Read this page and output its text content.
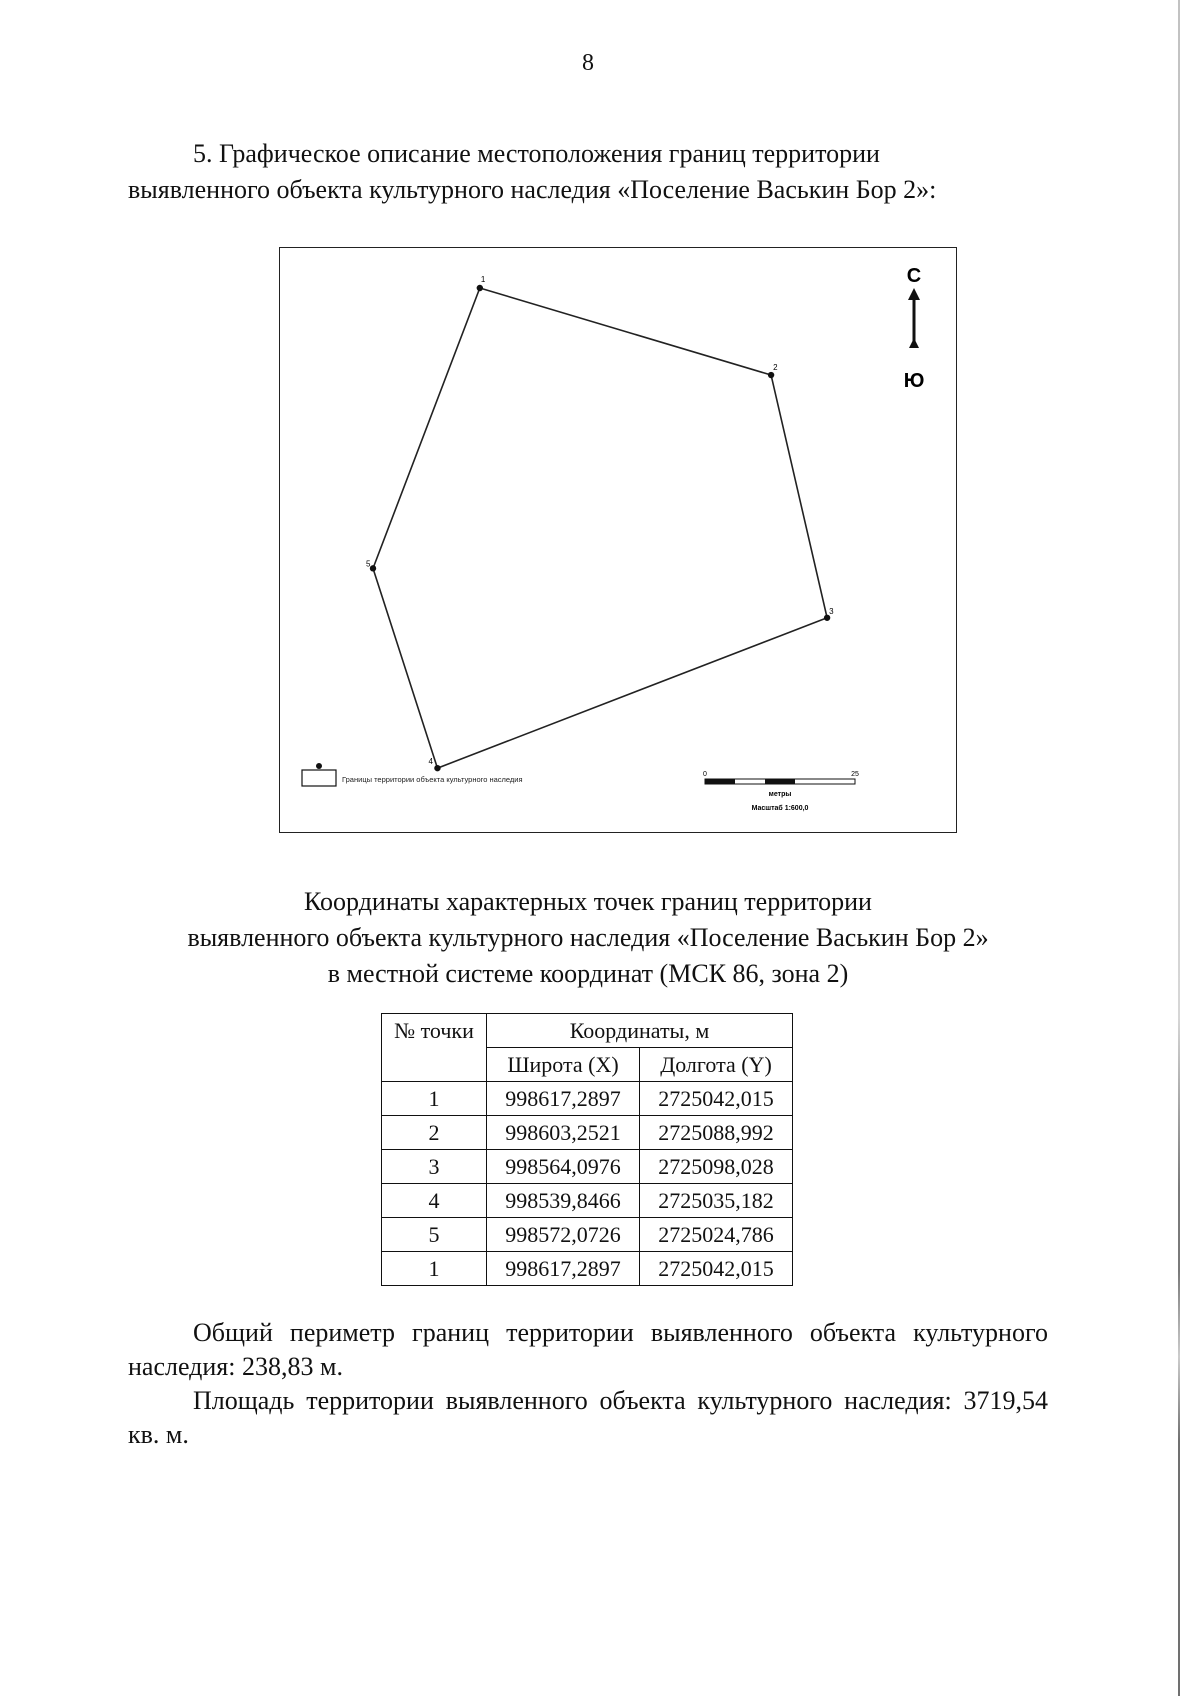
8

5. Графическое описание местоположения границ территории
выявленного объекта культурного наследия «Поселение Васькин Бор 2»:

С
Ю
1
2
3
4
5
Границы территории объекта культурного наследия
0	25
метры
Масштаб 1:600,0
Координаты характерных точек границ территории
выявленного объекта культурного наследия «Поселение Васькин Бор 2»
в местной системе координат (МСК 86, зона 2)
№ точки	Координаты, м	
	Широта (X)	Долгота (Y)
1	998617,2897	2725042,015
2	998603,2521	2725088,992
3	998564,0976	2725098,028
4	998539,8466	2725035,182
5	998572,0726	2725024,786
1	998617,2897	2725042,015

Общий периметр границ территории выявленного объекта культурного наследия: 238,83 м.

Площадь территории выявленного объекта культурного наследия: 3719,54 кв. м.
